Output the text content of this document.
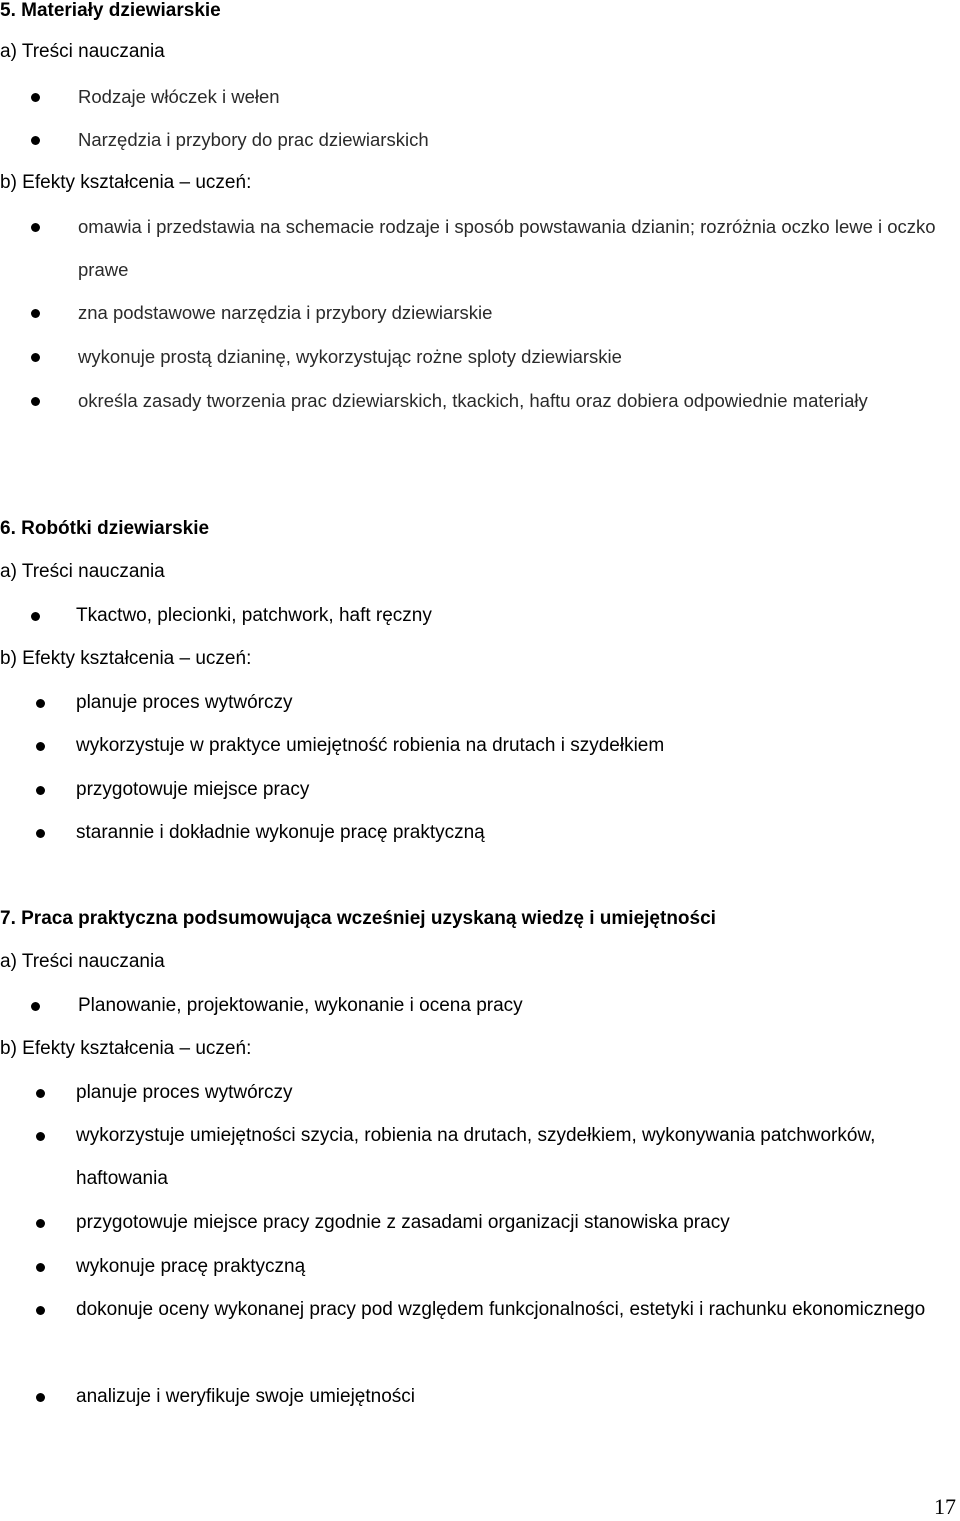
5. Materiały dziewiarskie
a) Treści nauczania
Rodzaje włóczek i wełen
Narzędzia i przybory do prac dziewiarskich
b) Efekty kształcenia – uczeń:
omawia i przedstawia na schemacie rodzaje i sposób powstawania dzianin; rozróżnia oczko lewe i oczko prawe
zna podstawowe narzędzia i przybory dziewiarskie
wykonuje prostą dzianinę, wykorzystując rożne sploty dziewiarskie
określa zasady tworzenia prac dziewiarskich, tkackich, haftu oraz dobiera odpowiednie materiały
6. Robótki dziewiarskie
a) Treści nauczania
Tkactwo, plecionki, patchwork, haft ręczny
b) Efekty kształcenia – uczeń:
planuje proces wytwórczy
wykorzystuje w praktyce umiejętność robienia na drutach i szydełkiem
przygotowuje miejsce pracy
starannie i dokładnie wykonuje pracę praktyczną
7. Praca praktyczna podsumowująca wcześniej uzyskaną wiedzę i umiejętności
a) Treści nauczania
Planowanie, projektowanie, wykonanie i ocena pracy
b) Efekty kształcenia – uczeń:
planuje proces wytwórczy
wykorzystuje umiejętności szycia, robienia na drutach, szydełkiem, wykonywania patchworków, haftowania
przygotowuje miejsce pracy zgodnie z zasadami organizacji stanowiska pracy
wykonuje pracę praktyczną
dokonuje oceny wykonanej pracy pod względem funkcjonalności, estetyki i rachunku ekonomicznego
analizuje i weryfikuje swoje umiejętności
17
